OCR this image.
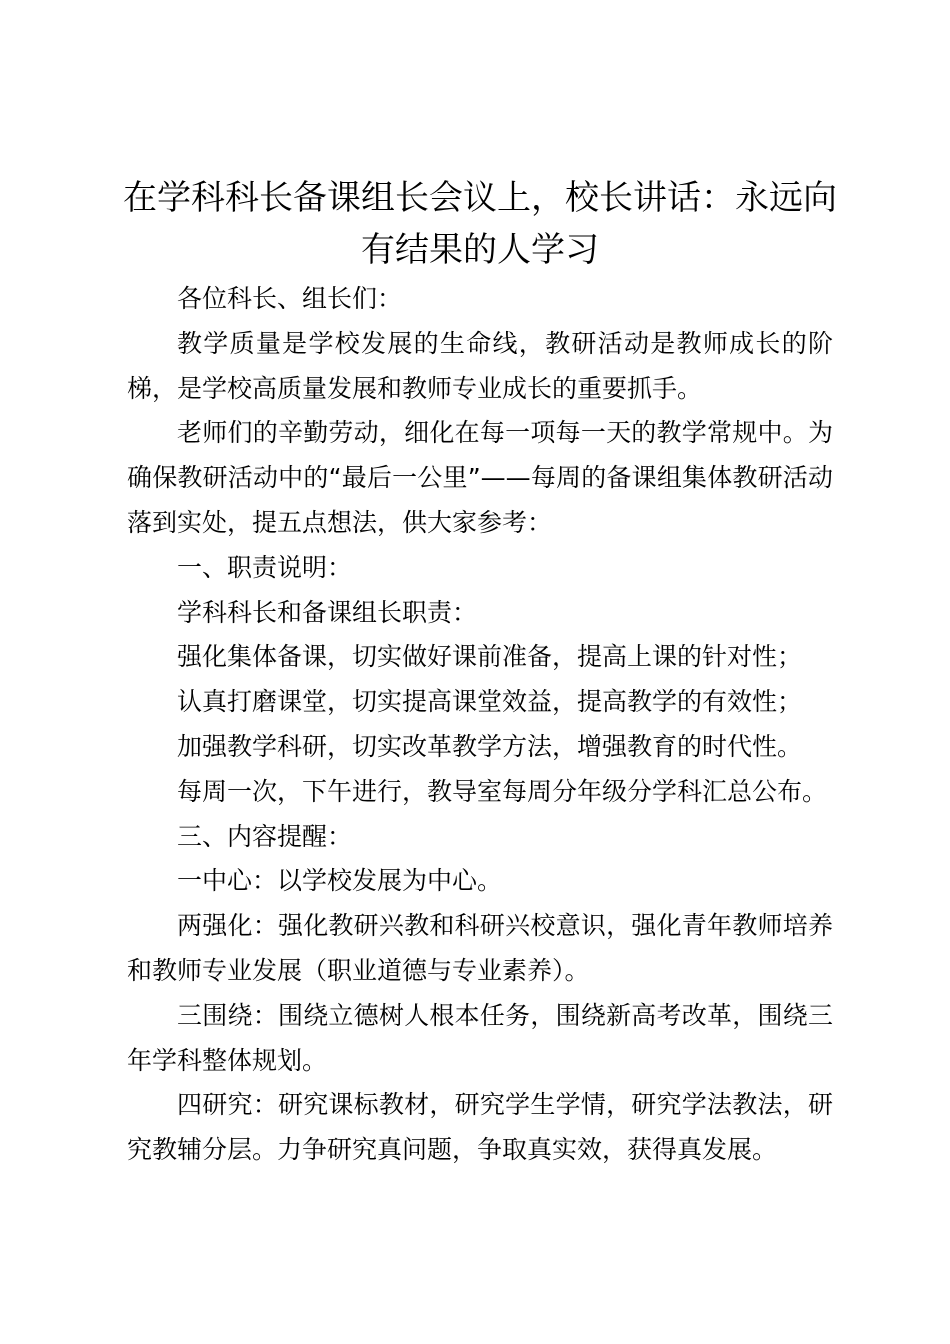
在学科科长备课组长会议上，校长讲话：永远向有结果的人学习

各位科长、组长们：

教学质量是学校发展的生命线，教研活动是教师成长的阶梯，是学校高质量发展和教师专业成长的重要抓手。

老师们的辛勤劳动，细化在每一项每一天的教学常规中。为确保教研活动中的“最后一公里”——每周的备课组集体教研活动落到实处，提五点想法，供大家参考：

一、职责说明：

学科科长和备课组长职责：

强化集体备课，切实做好课前准备，提高上课的针对性；

认真打磨课堂，切实提高课堂效益，提高教学的有效性；

加强教学科研，切实改革教学方法，增强教育的时代性。

每周一次，下午进行，教导室每周分年级分学科汇总公布。

三、内容提醒：

一中心：以学校发展为中心。

两强化：强化教研兴教和科研兴校意识，强化青年教师培养和教师专业发展（职业道德与专业素养）。

三围绕：围绕立德树人根本任务，围绕新高考改革，围绕三年学科整体规划。

四研究：研究课标教材，研究学生学情，研究学法教法，研究教辅分层。力争研究真问题，争取真实效，获得真发展。
